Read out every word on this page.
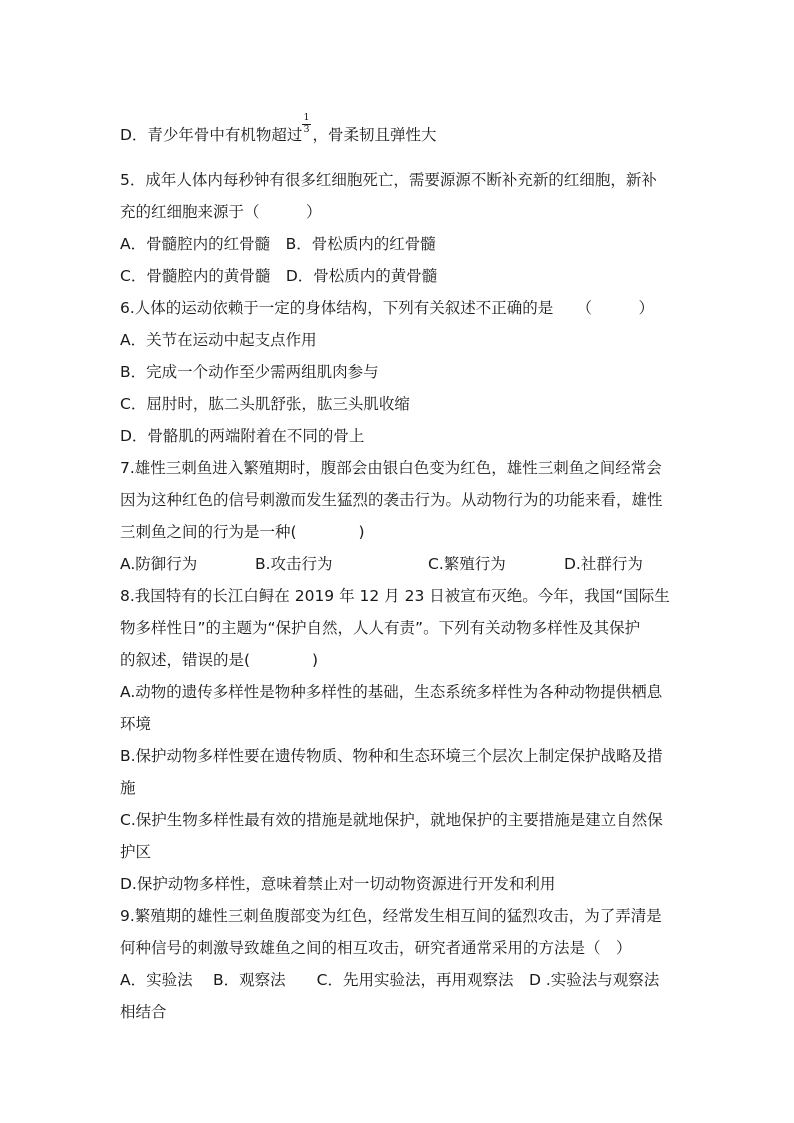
D．青少年骨中有机物超过 $\frac{1}{3}$ ，骨柔韧且弹性大
5．成年人体内每秒钟有很多红细胞死亡，需要源源不断补充新的红细胞，新补
充的红细胞来源于（　　　）
A．骨髓腔内的红骨髓　B．骨松质内的红骨髓
C．骨髓腔内的黄骨髓　D．骨松质内的黄骨髓
6.人体的运动依赖于一定的身体结构，下列有关叙述不正确的是　　（　　　）
A．关节在运动中起支点作用
B．完成一个动作至少需两组肌肉参与
C．屈肘时，肱二头肌舒张，肱三头肌收缩
D．骨骼肌的两端附着在不同的骨上
7.雄性三刺鱼进入繁殖期时，腹部会由银白色变为红色，雄性三刺鱼之间经常会
因为这种红色的信号刺激而发生猛烈的袭击行为。从动物行为的功能来看，雄性
三刺鱼之间的行为是一种(　　　　)
A.防御行为	B.攻击行为	C.繁殖行为	D.社群行为
8.我国特有的长江白鲟在 2019 年 12 月 23 日被宣布灭绝。今年，我国“国际生
物多样性日”的主题为“保护自然，人人有责”。下列有关动物多样性及其保护
的叙述，错误的是(　　　　)
A.动物的遗传多样性是物种多样性的基础，生态系统多样性为各种动物提供栖息
环境
B.保护动物多样性要在遗传物质、物种和生态环境三个层次上制定保护战略及措
施
C.保护生物多样性最有效的措施是就地保护，就地保护的主要措施是建立自然保
护区
D.保护动物多样性，意味着禁止对一切动物资源进行开发和利用
9.繁殖期的雄性三刺鱼腹部变为红色，经常发生相互间的猛烈攻击，为了弄清是
何种信号的刺激导致雄鱼之间的相互攻击，研究者通常采用的方法是（　）
A．实验法　 B．观察法　　C．先用实验法，再用观察法　D .实验法与观察法
相结合
